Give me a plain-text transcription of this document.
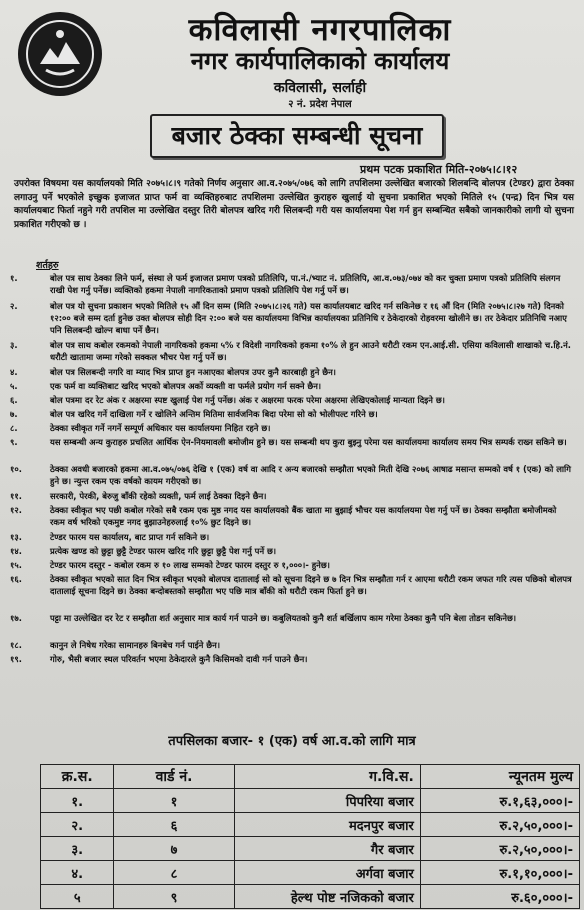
कविलासी नगरपालिका
नगर कार्यपालिकाको कार्यालय
कविलासी, सर्लाही
२ नं. प्रदेश नेपाल
बजार ठेक्का सम्बन्धी सूचना
प्रथम पटक प्रकाशित मिति-२०७५।८।१२
उपरोक्त विषयमा यस कार्यालयको मिति २०७५।८।९ गतेको निर्णय अनुसार आ.व.२०७५/०७६ को लागि तपशिलमा उल्लेखित बजारको शिलबन्दि बोलपत्र (टेण्डर) द्वारा ठेक्का लगाउनु पर्ने भएकोले इच्छुक इजाजत प्राप्त फर्म वा व्यक्तिहरुबाट तपशिलमा उल्लेखित कुराहरु खुलाई यो सुचना प्रकाशित भएको मितिले १५ (पन्द्र) दिन भित्र यस कार्यालयबाट फिर्ता नहुने गरी तपशिल मा उल्लेखित दस्तुर तिरी बोलपत्र खरिद गरी सिलबन्दी गरी यस कार्यालयमा पेश गर्न हुन सम्बन्धित सबैको जानकारीको लागी यो सुचना प्रकाशित गरीएको छ ।
शर्तहरु
१.	बोल पत्र साथ ठेक्का लिने फर्म, संस्था ले फर्म इजाजत प्रमाण पत्रको प्रतिलिपि, पा.नं./भ्याट नं. प्रतिलिपि, आ.व.०७३/०७४ को कर चुक्ता प्रमाण पत्रको प्रतिलिपि संलगन राखी पेश गर्नु पर्नेछ। व्यक्तिको हकमा नेपाली नागरिकताको प्रमाण पत्रको प्रतिलिपि पेश गर्नु पर्ने छ।
२.	बोल पत्र यो सुचना प्रकाशन भएको मितिले १५ औं दिन सम्म (मिति २०७५।८।२६ गते) यस कार्यालयबाट खरिद गर्न सकिनेछ र १६ औं दिन (मिति २०७५।८।२७ गते) दिनको १२:०० बजे सम्म दर्ता हुनेछ उक्त बोलपत्र सोही दिन २:०० बजे यस कार्यालयमा विभिन्न कार्यालयका प्रतिनिधि र ठेकेदारको रोहवरमा खोलीने छ। तर ठेकेदार प्रतिनिधि नआए पनि सिलबन्दी खोल्न बाधा पर्ने छैन।
३.	बोल पत्र साथ कबोल रकमको नेपाली नागरिकको हकमा ५% र विदेशी नागरिकको हकमा १०% ले हुन आउने धरौटी रकम एन.आई.सी. एसिया कविलासी शाखाको च.हि.नं. धरौटी खातामा जम्मा गरेको सक्कल भौचर पेश गर्नु पर्ने छ।
४.	बोल पत्र सिलबन्दी नगरि वा म्याद भित्र प्राप्त हुन नआएका बोलपत्र उपर कुनै कारबाही हुने छैन।
५.	एक फर्म वा व्यक्तिबाट खरिद भएको बोलपत्र अर्को व्यक्ती वा फर्मले प्रयोग गर्न सक्ने छैन।
६.	बोल पत्रमा दर रेट अंक र अक्षरमा स्पष्ट खुलाई पेश गर्नु पर्नेछ। अंक र अक्षरमा फरक परेमा अक्षरमा लेखिएकोलाई मान्यता दिइने छ।
७.	बोल पत्र खरिद गर्ने दाखिला गर्ने र खोलिने अन्तिम मितिमा सार्वजनिक बिदा परेमा सो को भोलीपल्ट गरिने छ।
८.	ठेक्का स्वीकृत गर्ने नगर्ने सम्पूर्ण अधिकार यस कार्यालयमा निहित रहने छ।
९.	यस सम्बन्धी अन्य कुराहरु प्रचलित आर्थिक ऐन-नियमावली बमोजीम हुने छ। यस सम्बन्धी थप कुरा बुझ्नु परेमा यस कार्यालयमा कार्यालय समय भित्र सम्पर्क राख्न सकिने छ।
१०.	ठेक्का अवधी बजारको हकमा आ.व.०७५/०७६ देखि १ (एक) वर्ष वा आदि र अन्य बजारको सम्झौता भएको मिती देखि २०७६ आषाढ मसान्त सम्मको वर्ष १ (एक) को लागि हुने छ। न्युन्त रकम एक वर्षको कायम गरीएको छ।
११.	सरकारी, पेरकी, बेरुजु बाँकी रहेको व्यक्ती, फर्म लाई ठेक्का दिइने छैन।
१२.	ठेक्का स्वीकृत भए पछी कबोल गरेको सबै रकम एक मुष्ठ नगद यस कार्यालयको बैंक खाता मा बुझाई भौचर यस कार्यालयमा पेश गर्नु पर्ने छ। ठेक्का सम्झौता बमोजीमको रकम वर्ष भरिको एकमुष्ट नगद बुझाउनेहरुलाई १०% छुट दिइने छ।
१३.	टेण्डर फारम यस कार्यालय, बाट प्राप्त गर्न सकिने छ।
१४.	प्रत्येक खण्ड को छुट्टा छुट्टै टेण्डर फारम खरिद गरि छुट्टा छुट्टै पेश गर्नु पर्ने छ।
१५.	टेण्डर फारम दस्तुर - कबोल रकम रु १० लाख सम्मको टेण्डर फारम दस्तुर रु १,०००।- हुनेछ।
१६.	ठेक्का स्वीकृत भएको सात दिन भित्र स्वीकृत भएको बोलपत्र दातालाई सो को सूचना दिइने छ ७ दिन भित्र सम्झौता गर्न र आएमा धरौटी रकम जफत गरि त्यस पछिको बोलपत्र दातालाई सूचना दिइने छ। ठेक्का बन्दोबस्तको सम्झौता भए पछि मात्र बाँकी को धरौटी रकम फिर्ता हुने छ।
१७.	पट्टा मा उल्लेखित दर रेट र सम्झौता शर्त अनुसार मात्र कार्य गर्न पाउने छ। कबुलियतको कुनै शर्त बर्खिलाप काम गरेमा ठेक्का कुनै पनि बेला तोडन सकिनेछ।
१८.	कानुन ले निषेध गरेका सामानहरु बिनबेच गर्न पाईने छैन।
१९.	गोरु, भैसी बजार स्थल परिवर्तन भएमा ठेकेदारले कुनै किसिमको दावी गर्न पाउने छैन।
तपसिलका बजार- १ (एक) वर्ष आ.व.को लागि मात्र
क्र.स.	वार्ड नं.	ग.वि.स.	न्यूनतम मुल्य
१.	१	पिपरिया बजार	रु.१,६३,०००।-
२.	६	मदनपुर बजार	रु.२,५०,०००।-
३.	७	गैर बजार	रु.२,५०,०००।-
४.	८	अर्गवा बजार	रु.१,१०,०००।-
५	९	हेल्थ पोष्ट नजिकको बजार	रु.६०,०००।-
